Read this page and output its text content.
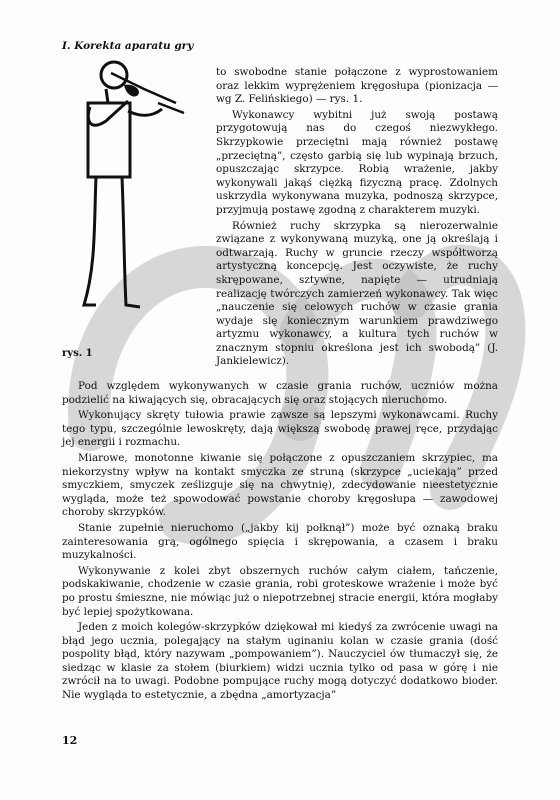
I. Korekta aparatu gry
rys. 1

to swobodne stanie połączone z wyprostowaniem oraz lekkim wyprężeniem kręgosłupa (pionizacja — wg Z. Felińskiego) — rys. 1.

Wykonawcy wybitni już swoją postawą przygotowują nas do czegoś niezwykłego. Skrzypkowie przeciętni mają również postawę „przeciętną”, często garbią się lub wypinają brzuch, opuszczając skrzypce. Robią wrażenie, jakby wykonywali jakąś ciężką fizyczną pracę. Zdolnych uskrzydla wykonywana muzyka, podnoszą skrzypce, przyjmują postawę zgodną z charakterem muzyki.

Również ruchy skrzypka są nierozerwalnie związane z wykonywaną muzyką, one ją określają i odtwarzają. Ruchy w gruncie rzeczy współtworzą artystyczną koncepcję. Jest oczywiste, że ruchy skrępowane, sztywne, napięte — utrudniają realizację twórczych zamierzeń wykonawcy. Tak więc „nauczenie się celowych ruchów w czasie grania wydaje się koniecznym warunkiem prawdziwego artyzmu wykonawcy, a kultura tych ruchów w znacznym stopniu określona jest ich swobodą” (J. Jankielewicz).

Pod względem wykonywanych w czasie grania ruchów, uczniów można podzielić na kiwających się, obracających się oraz stojących nieruchomo.

Wykonujący skręty tułowia prawie zawsze są lepszymi wykonawcami. Ruchy tego typu, szczególnie lewoskręty, dają większą swobodę prawej ręce, przydając jej energii i rozmachu.

Miarowe, monotonne kiwanie się połączone z opuszczaniem skrzypiec, ma niekorzystny wpływ na kontakt smyczka ze struną (skrzypce „uciekają” przed smyczkiem, smyczek ześlizguje się na chwytnię), zdecydowanie nieestetycznie wygląda, może też spowodować powstanie choroby kręgosłupa — zawodowej choroby skrzypków.

Stanie zupełnie nieruchomo („jakby kij połknął”) może być oznaką braku zainteresowania grą, ogólnego spięcia i skrępowania, a czasem i braku muzykalności.

Wykonywanie z kolei zbyt obszernych ruchów całym ciałem, tańczenie, podskakiwanie, chodzenie w czasie grania, robi groteskowe wrażenie i może być po prostu śmieszne, nie mówiąc już o niepotrzebnej stracie energii, która mogłaby być lepiej spożytkowana.

Jeden z moich kolegów-skrzypków dziękował mi kiedyś za zwrócenie uwagi na błąd jego ucznia, polegający na stałym uginaniu kolan w czasie grania (dość pospolity błąd, który nazywam „pompowaniem”). Nauczyciel ów tłumaczył się, że siedząc w klasie za stołem (biurkiem) widzi ucznia tylko od pasa w górę i nie zwrócił na to uwagi. Podobne pompujące ruchy mogą dotyczyć dodatkowo bioder. Nie wygląda to estetycznie, a zbędna „amortyzacja”

12
